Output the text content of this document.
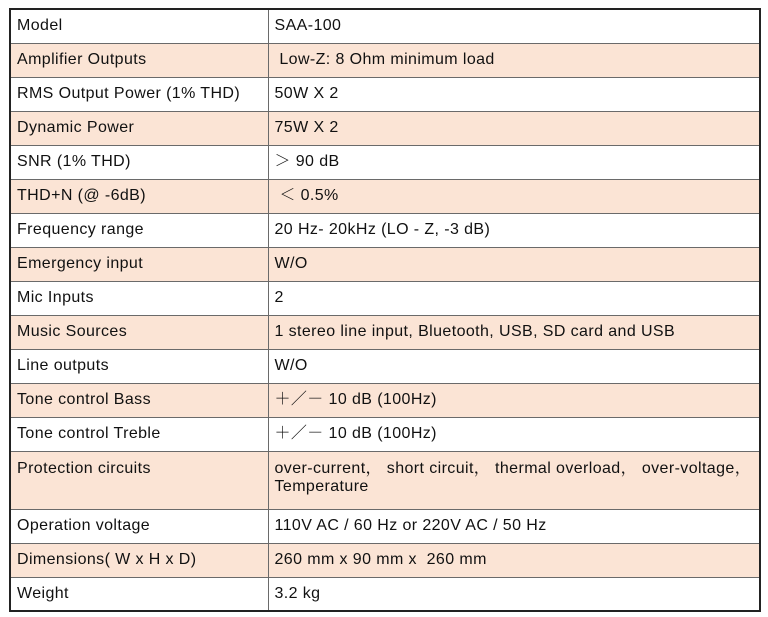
Model	SAA-100
Amplifier Outputs	Low-Z: 8 Ohm minimum load
RMS Output Power (1% THD)	50W X 2
Dynamic Power	75W X 2
SNR (1% THD)	＞ 90 dB
THD+N (@ -6dB)	＜ 0.5%
Frequency range	20 Hz- 20kHz (LO - Z, -3 dB)
Emergency input	W/O
Mic Inputs	2
Music Sources	1 stereo line input, Bluetooth, USB, SD card and USB
Line outputs	W/O
Tone control Bass	＋／－ 10 dB (100Hz)
Tone control Treble	＋／－ 10 dB (100Hz)
Protection circuits	over-current， short circuit， thermal overload， over-voltage， Temperature
Operation voltage	110V AC / 60 Hz or 220V AC / 50 Hz
Dimensions( W x H x D)	260 mm x 90 mm x  260 mm
Weight	3.2 kg
